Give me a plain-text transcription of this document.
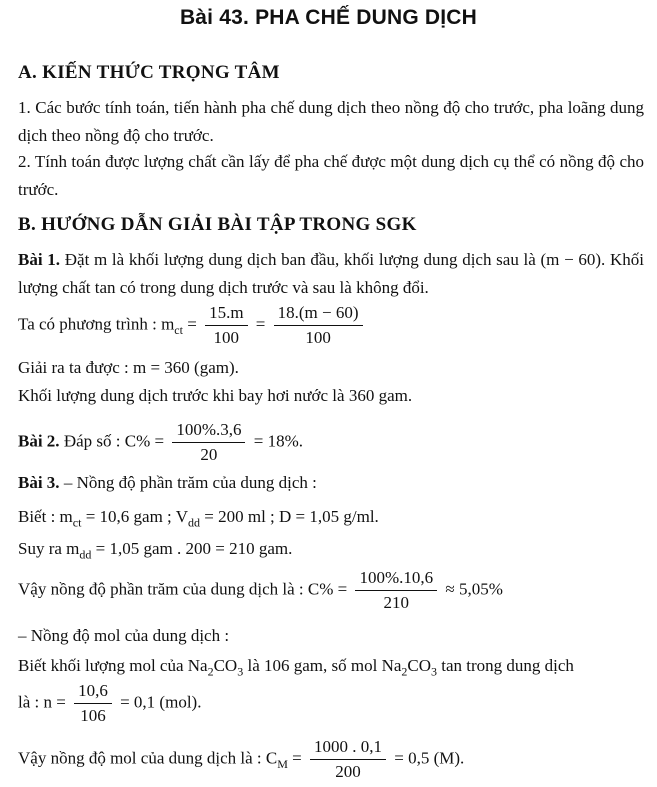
Bài 43. PHA CHẾ DUNG DỊCH
A. KIẾN THỨC TRỌNG TÂM
1. Các bước tính toán, tiến hành pha chế dung dịch theo nồng độ cho trước, pha loãng dung dịch theo nồng độ cho trước.
2. Tính toán được lượng chất cần lấy để pha chế được một dung dịch cụ thể có nồng độ cho trước.
B. HƯỚNG DẪN GIẢI BÀI TẬP TRONG SGK
Bài 1. Đặt m là khối lượng dung dịch ban đầu, khối lượng dung dịch sau là (m − 60). Khối lượng chất tan có trong dung dịch trước và sau là không đổi.
Ta có phương trình : $m_{ct} = \frac{15.m}{100} = \frac{18.(m - 60)}{100}$
Giải ra ta được : m = 360 (gam).
Khối lượng dung dịch trước khi bay hơi nước là 360 gam.
Bài 2. Đáp số : $C\% = \frac{100\%.3,6}{20} = 18\%$.
Bài 3. – Nồng độ phần trăm của dung dịch :
Biết : $m_{ct} = 10,6$ gam ; $V_{dd} = 200$ ml ; D = 1,05 g/ml.
Suy ra $m_{dd} = 1,05$ gam . 200 = 210 gam.
Vậy nồng độ phần trăm của dung dịch là : $C\% = \frac{100\%.10,6}{210} \approx 5,05\%$
– Nồng độ mol của dung dịch :
Biết khối lượng mol của $Na_2CO_3$ là 106 gam, số mol $Na_2CO_3$ tan trong dung dịch
là : $n = \frac{10,6}{106} = 0,1$ (mol).
Vậy nồng độ mol của dung dịch là : $C_M = \frac{1000 . 0,1}{200} = 0,5$ (M).
